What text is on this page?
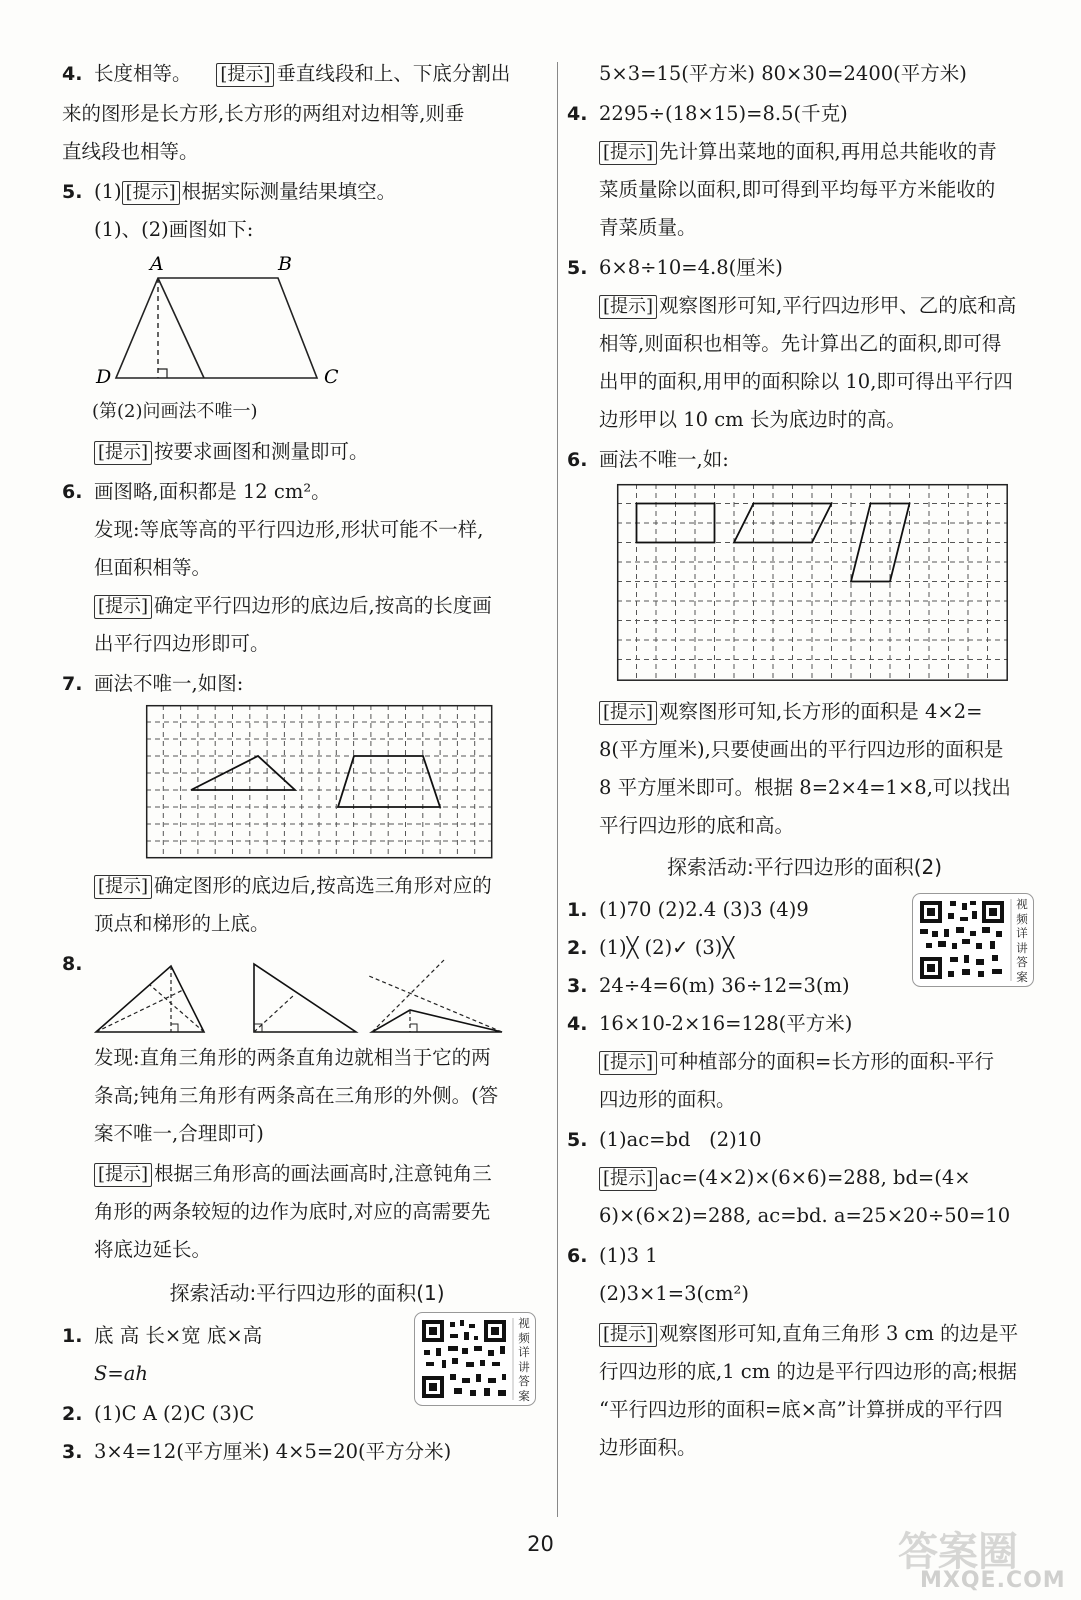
4. 长度相等。 [提示] 垂直线段和上、下底分割出
来的图形是长方形,长方形的两组对边相等,则垂
直线段也相等。
5. (1) [提示] 根据实际测量结果填空。
(1)、(2)画图如下:
A	B
D	C
(第(2)问画法不唯一)
[提示] 按要求画图和测量即可。
6. 画图略,面积都是 12 cm²。
发现:等底等高的平行四边形,形状可能不一样,
但面积相等。
[提示] 确定平行四边形的底边后,按高的长度画
出平行四边形即可。
7. 画法不唯一,如图:
[提示] 确定图形的底边后,按高选三角形对应的
顶点和梯形的上底。
8.
发现:直角三角形的两条直角边就相当于它的两
条高;钝角三角形有两条高在三角形的外侧。(答
案不唯一,合理即可)
[提示] 根据三角形高的画法画高时,注意钝角三
角形的两条较短的边作为底时,对应的高需要先
将底边延长。
探索活动:平行四边形的面积(1)
1. 底 高 长×宽 底×高
S=ah
2. (1)C A (2)C (3)C
3. 3×4=12(平方厘米) 4×5=20(平方分米)
视频详讲答案
5×3=15(平方米) 80×30=2400(平方米)
4. 2295÷(18×15)=8.5(千克)
[提示] 先计算出菜地的面积,再用总共能收的青
菜质量除以面积,即可得到平均每平方米能收的
青菜质量。
5. 6×8÷10=4.8(厘米)
[提示] 观察图形可知,平行四边形甲、乙的底和高
相等,则面积也相等。先计算出乙的面积,即可得
出甲的面积,用甲的面积除以 10,即可得出平行四
边形甲以 10 cm 长为底边时的高。
6. 画法不唯一,如:
[提示] 观察图形可知,长方形的面积是 4×2=
8(平方厘米),只要使画出的平行四边形的面积是
8 平方厘米即可。根据 8=2×4=1×8,可以找出
平行四边形的底和高。
探索活动:平行四边形的面积(2)
1. (1)70 (2)2.4 (3)3 (4)9
2. (1)╳ (2)✓ (3)╳
3. 24÷4=6(m) 36÷12=3(m)
4. 16×10-2×16=128(平方米)
[提示] 可种植部分的面积=长方形的面积-平行
四边形的面积。
5. (1)ac=bd (2)10
[提示] ac=(4×2)×(6×6)=288, bd=(4×
6)×(6×2)=288, ac=bd. a=25×20÷50=10
6. (1)3 1
(2)3×1=3(cm²)
[提示] 观察图形可知,直角三角形 3 cm 的边是平
行四边形的底,1 cm 的边是平行四边形的高;根据
“平行四边形的面积=底×高”计算拼成的平行四
边形面积。
视频详讲答案
20	答案圈
MXQE.COM
